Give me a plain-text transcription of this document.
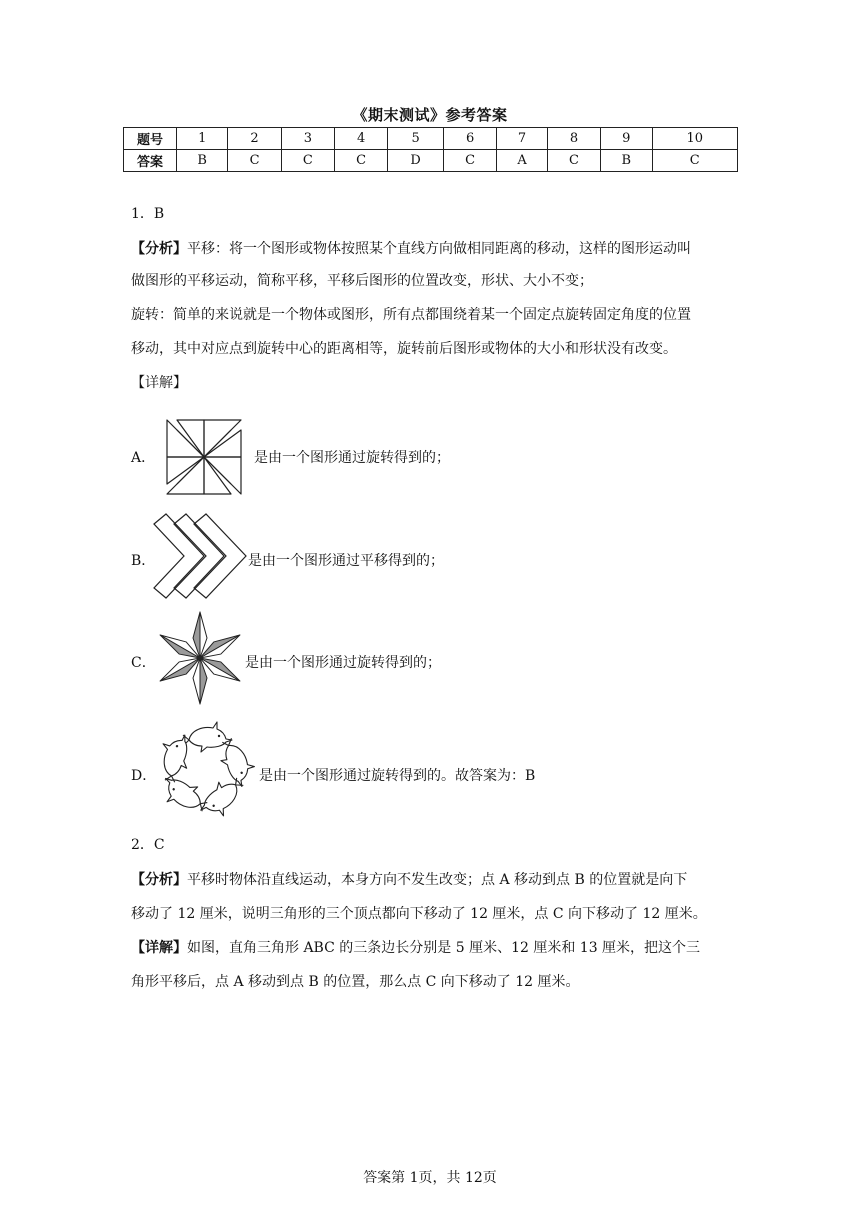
《期末测试》参考答案
题号	1	2	3	4	5	6	7	8	9	10
答案	B	C	C	C	D	C	A	C	B	C
1．B
【分析】平移：将一个图形或物体按照某个直线方向做相同距离的移动，这样的图形运动叫
做图形的平移运动，简称平移，平移后图形的位置改变，形状、大小不变；
旋转：简单的来说就是一个物体或图形，所有点都围绕着某一个固定点旋转固定角度的位置
移动，其中对应点到旋转中心的距离相等，旋转前后图形或物体的大小和形状没有改变。
【详解】
A．	是由一个图形通过旋转得到的；
B．	是由一个图形通过平移得到的；
C．	是由一个图形通过旋转得到的；
D．	是由一个图形通过旋转得到的。故答案为：B
2．C
【分析】平移时物体沿直线运动，本身方向不发生改变；点 A 移动到点 B 的位置就是向下
移动了 12 厘米，说明三角形的三个顶点都向下移动了 12 厘米，点 C 向下移动了 12 厘米。
【详解】如图，直角三角形 ABC 的三条边长分别是 5 厘米、12 厘米和 13 厘米，把这个三
角形平移后，点 A 移动到点 B 的位置，那么点 C 向下移动了 12 厘米。
答案第 1页，共 12页
